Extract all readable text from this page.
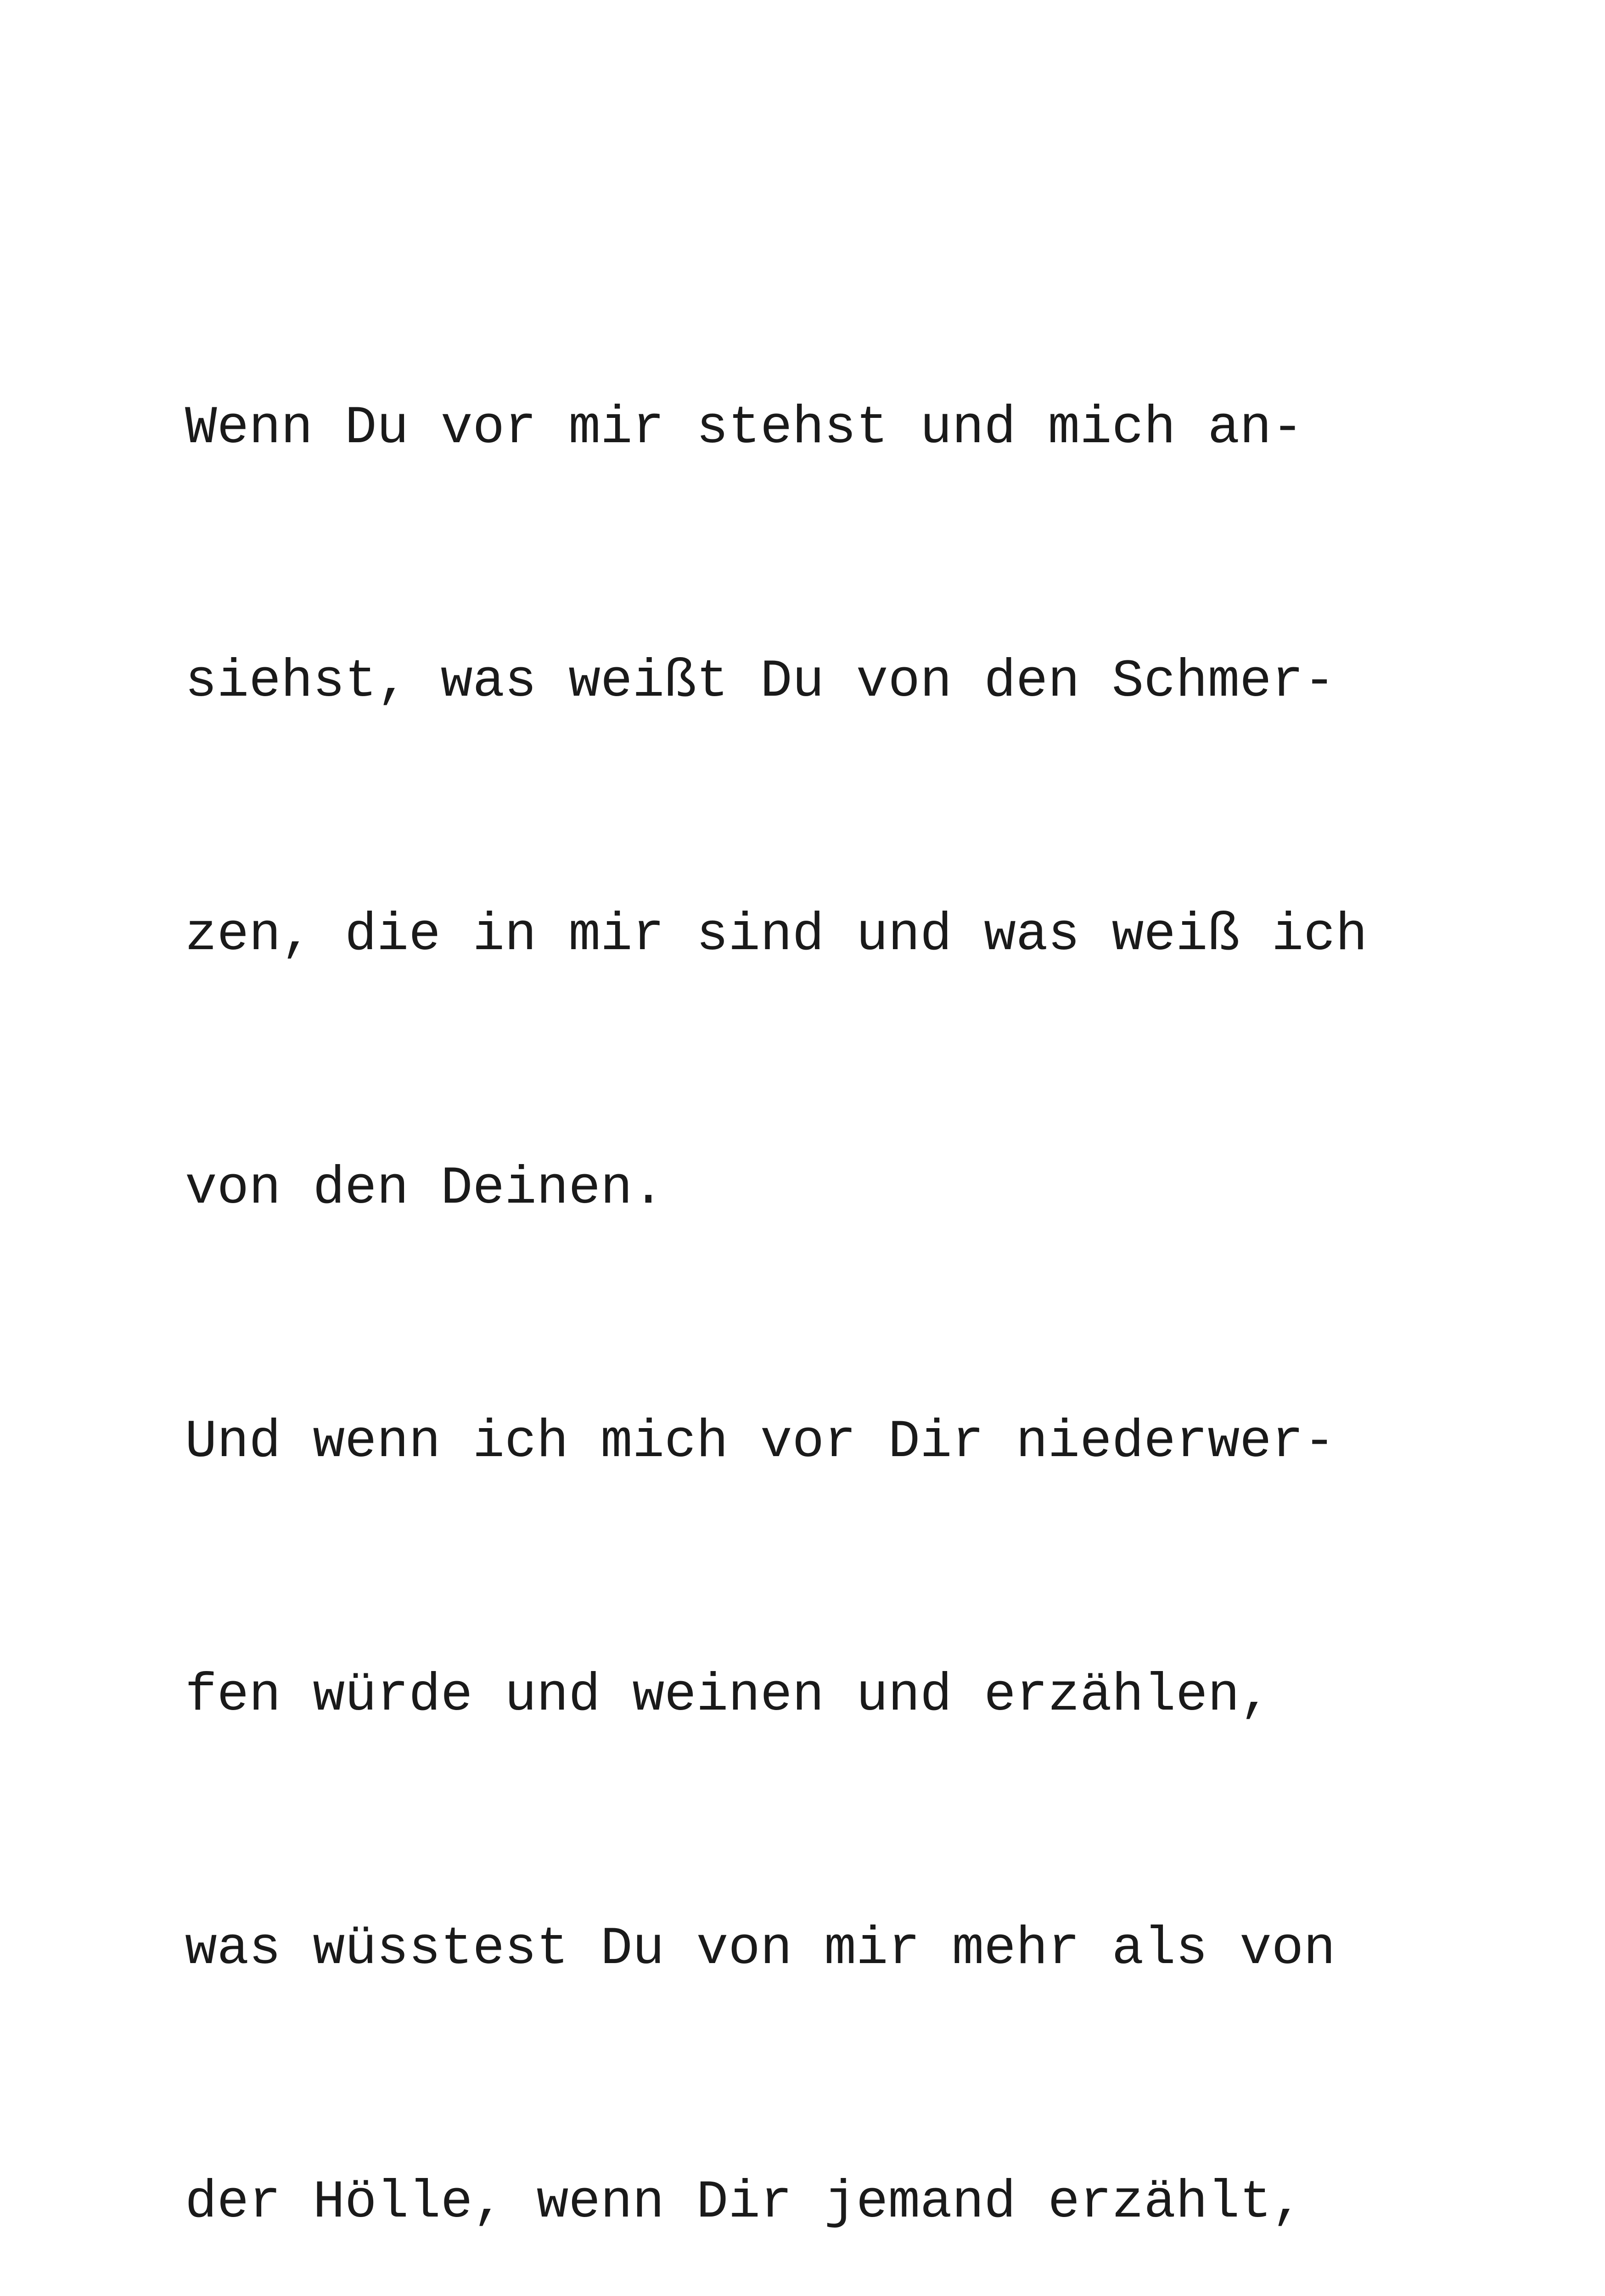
Wenn Du vor mir stehst und mich an-

siehst, was weißt Du von den Schmer-

zen, die in mir sind und was weiß ich

von den Deinen.

Und wenn ich mich vor Dir niederwer-

fen würde und weinen und erzählen,

was wüsstest Du von mir mehr als von

der Hölle, wenn Dir jemand erzählt,
